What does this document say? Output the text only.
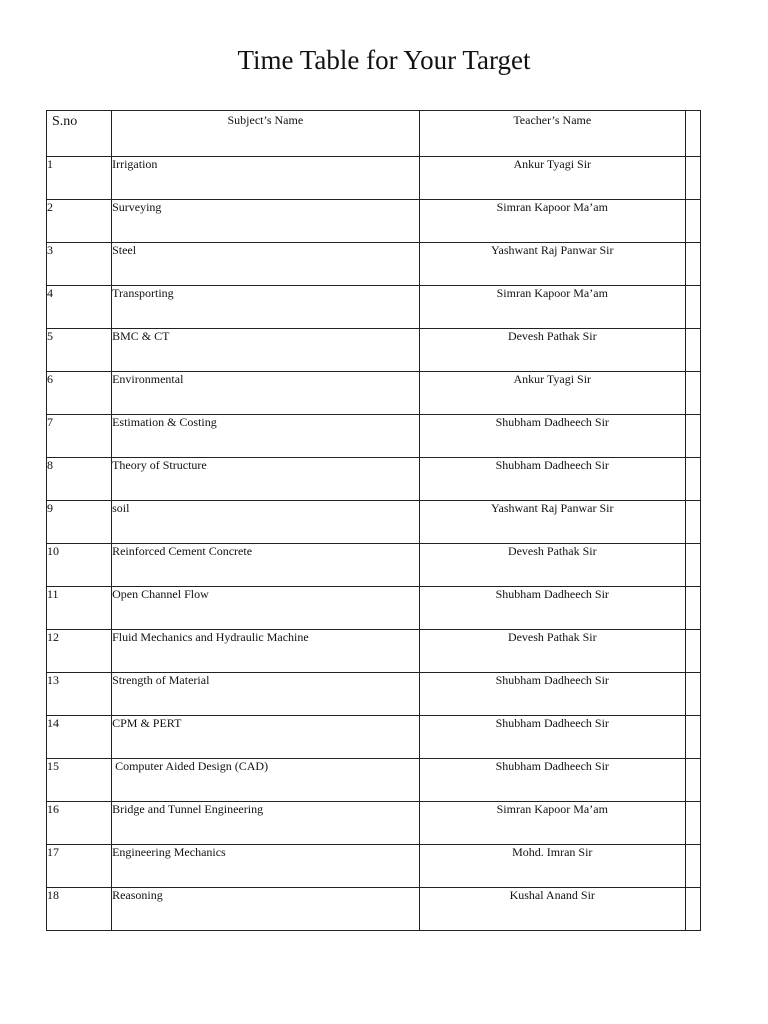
Time Table for Your Target
S.no	Subject’s Name	Teacher’s Name	
1	Irrigation	Ankur Tyagi Sir	
2	Surveying	Simran Kapoor Ma’am	
3	Steel	Yashwant Raj Panwar Sir	
4	Transporting	Simran Kapoor Ma’am	
5	BMC & CT	Devesh Pathak Sir	
6	Environmental	Ankur Tyagi Sir	
7	Estimation & Costing	Shubham Dadheech Sir	
8	Theory of Structure	Shubham Dadheech Sir	
9	soil	Yashwant Raj Panwar Sir	
10	Reinforced Cement Concrete	Devesh Pathak Sir	
11	Open Channel Flow	Shubham Dadheech Sir	
12	Fluid Mechanics and Hydraulic Machine	Devesh Pathak Sir	
13	Strength of Material	Shubham Dadheech Sir	
14	CPM & PERT	Shubham Dadheech Sir	
15	Computer Aided Design (CAD)	Shubham Dadheech Sir	
16	Bridge and Tunnel Engineering	Simran Kapoor Ma’am	
17	Engineering Mechanics	Mohd. Imran Sir	
18	Reasoning	Kushal Anand Sir	
